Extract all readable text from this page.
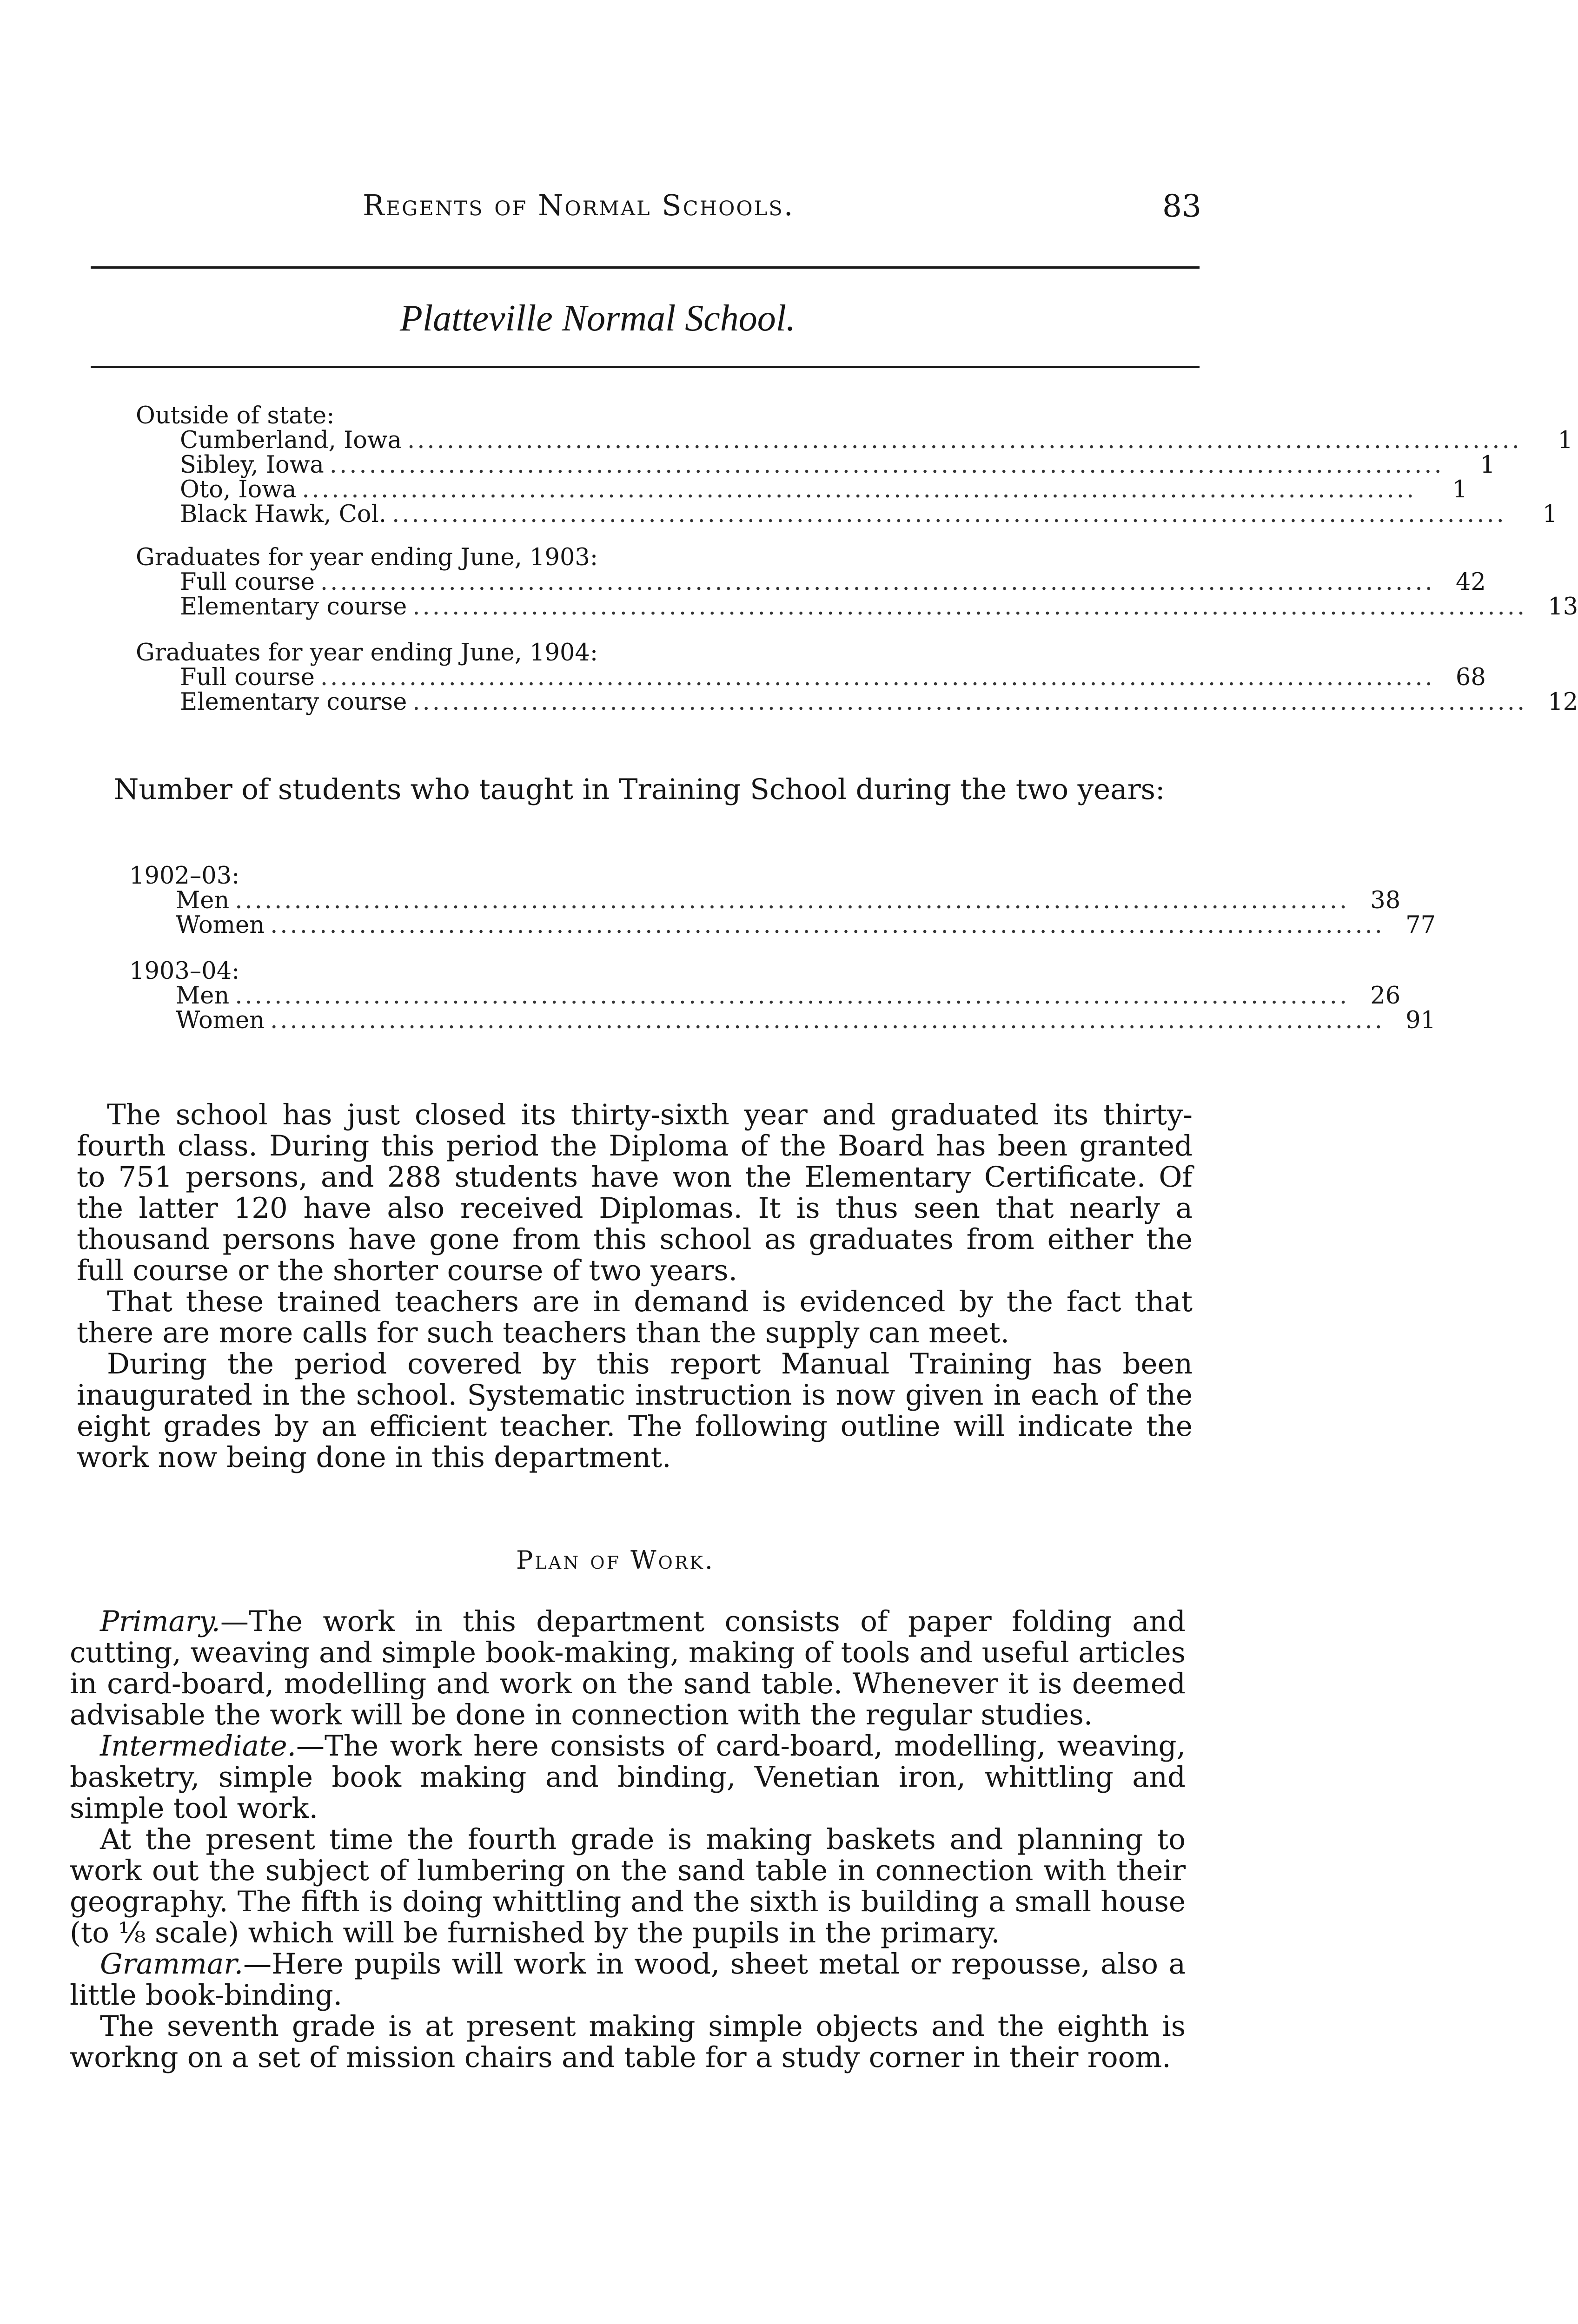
Regents of Normal Schools.	83
Platteville Normal School.
Outside of state:
Cumberland, Iowa .................................................................................................................	1
Sibley, Iowa .................................................................................................................	1
Oto, Iowa .................................................................................................................	1
Black Hawk, Col. .................................................................................................................	1
Graduates for year ending June, 1903:
Full course ................................................................................................................. 42
Elementary course ................................................................................................................. 13
Graduates for year ending June, 1904:
Full course ................................................................................................................. 68
Elementary course ................................................................................................................. 12

Number of students who taught in Training School during the two years:

1902–03:
Men ................................................................................................................. 38
Women ................................................................................................................. 77
1903–04:
Men ................................................................................................................. 26
Women ................................................................................................................. 91

The school has just closed its thirty-sixth year and graduated its thirty-fourth class. During this period the Diploma of the Board has been granted to 751 persons, and 288 students have won the Elementary Certificate. Of the latter 120 have also received Diplomas. It is thus seen that nearly a thousand persons have gone from this school as graduates from either the full course or the shorter course of two years.

That these trained teachers are in demand is evidenced by the fact that there are more calls for such teachers than the supply can meet.

During the period covered by this report Manual Training has been inaugurated in the school. Systematic instruction is now given in each of the eight grades by an efficient teacher. The following outline will indicate the work now being done in this department.

Plan of Work.

Primary.—The work in this department consists of paper folding and cutting, weaving and simple book-making, making of tools and useful articles in card-board, modelling and work on the sand table. Whenever it is deemed advisable the work will be done in connection with the regular studies.

Intermediate.—The work here consists of card-board, modelling, weaving, basketry, simple book making and binding, Venetian iron, whittling and simple tool work.

At the present time the fourth grade is making baskets and planning to work out the subject of lumbering on the sand table in connection with their geography. The fifth is doing whittling and the sixth is building a small house (to ⅛ scale) which will be furnished by the pupils in the primary.

Grammar.—Here pupils will work in wood, sheet metal or repousse, also a little book-binding.

The seventh grade is at present making simple objects and the eighth is workng on a set of mission chairs and table for a study corner in their room.
